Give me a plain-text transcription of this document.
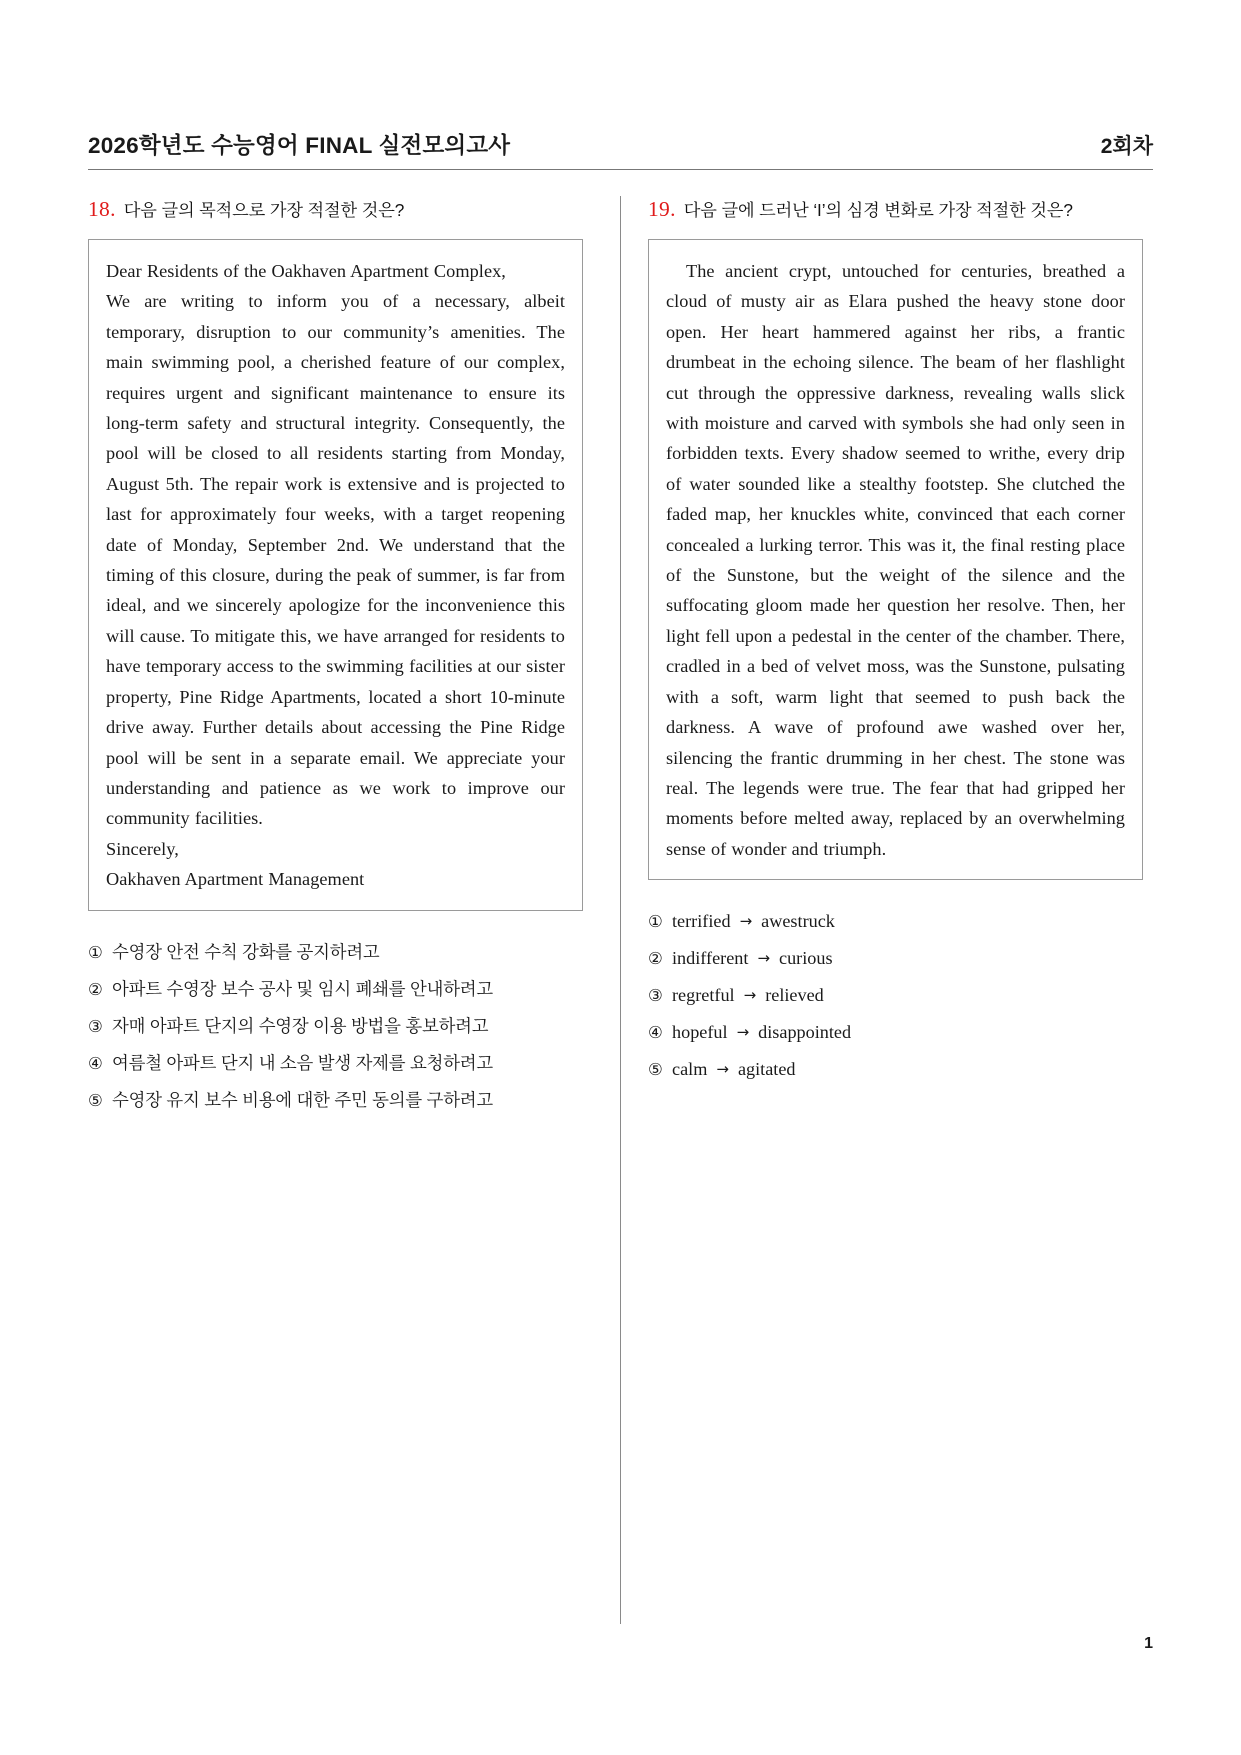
2026학년도 수능영어 FINAL 실전모의고사	2회차
18. 다음 글의 목적으로 가장 적절한 것은?

Dear Residents of the Oakhaven Apartment Complex,

We are writing to inform you of a necessary, albeit temporary, disruption to our community’s amenities. The main swimming pool, a cherished feature of our complex, requires urgent and significant maintenance to ensure its long-term safety and structural integrity. Consequently, the pool will be closed to all residents starting from Monday, August 5th. The repair work is extensive and is projected to last for approximately four weeks, with a target reopening date of Monday, September 2nd. We understand that the timing of this closure, during the peak of summer, is far from ideal, and we sincerely apologize for the inconvenience this will cause. To mitigate this, we have arranged for residents to have temporary access to the swimming facilities at our sister property, Pine Ridge Apartments, located a short 10-minute drive away. Further details about accessing the Pine Ridge pool will be sent in a separate email. We appreciate your understanding and patience as we work to improve our community facilities.

Sincerely,

Oakhaven Apartment Management

① 수영장 안전 수칙 강화를 공지하려고
② 아파트 수영장 보수 공사 및 임시 폐쇄를 안내하려고
③ 자매 아파트 단지의 수영장 이용 방법을 홍보하려고
④ 여름철 아파트 단지 내 소음 발생 자제를 요청하려고
⑤ 수영장 유지 보수 비용에 대한 주민 동의를 구하려고
19. 다음 글에 드러난 ‘I’의 심경 변화로 가장 적절한 것은?

The ancient crypt, untouched for centuries, breathed a cloud of musty air as Elara pushed the heavy stone door open. Her heart hammered against her ribs, a frantic drumbeat in the echoing silence. The beam of her flashlight cut through the oppressive darkness, revealing walls slick with moisture and carved with symbols she had only seen in forbidden texts. Every shadow seemed to writhe, every drip of water sounded like a stealthy footstep. She clutched the faded map, her knuckles white, convinced that each corner concealed a lurking terror. This was it, the final resting place of the Sunstone, but the weight of the silence and the suffocating gloom made her question her resolve. Then, her light fell upon a pedestal in the center of the chamber. There, cradled in a bed of velvet moss, was the Sunstone, pulsating with a soft, warm light that seemed to push back the darkness. A wave of profound awe washed over her, silencing the frantic drumming in her chest. The stone was real. The legends were true. The fear that had gripped her moments before melted away, replaced by an overwhelming sense of wonder and triumph.

① terrified → awestruck
② indifferent → curious
③ regretful → relieved
④ hopeful → disappointed
⑤ calm → agitated
1
